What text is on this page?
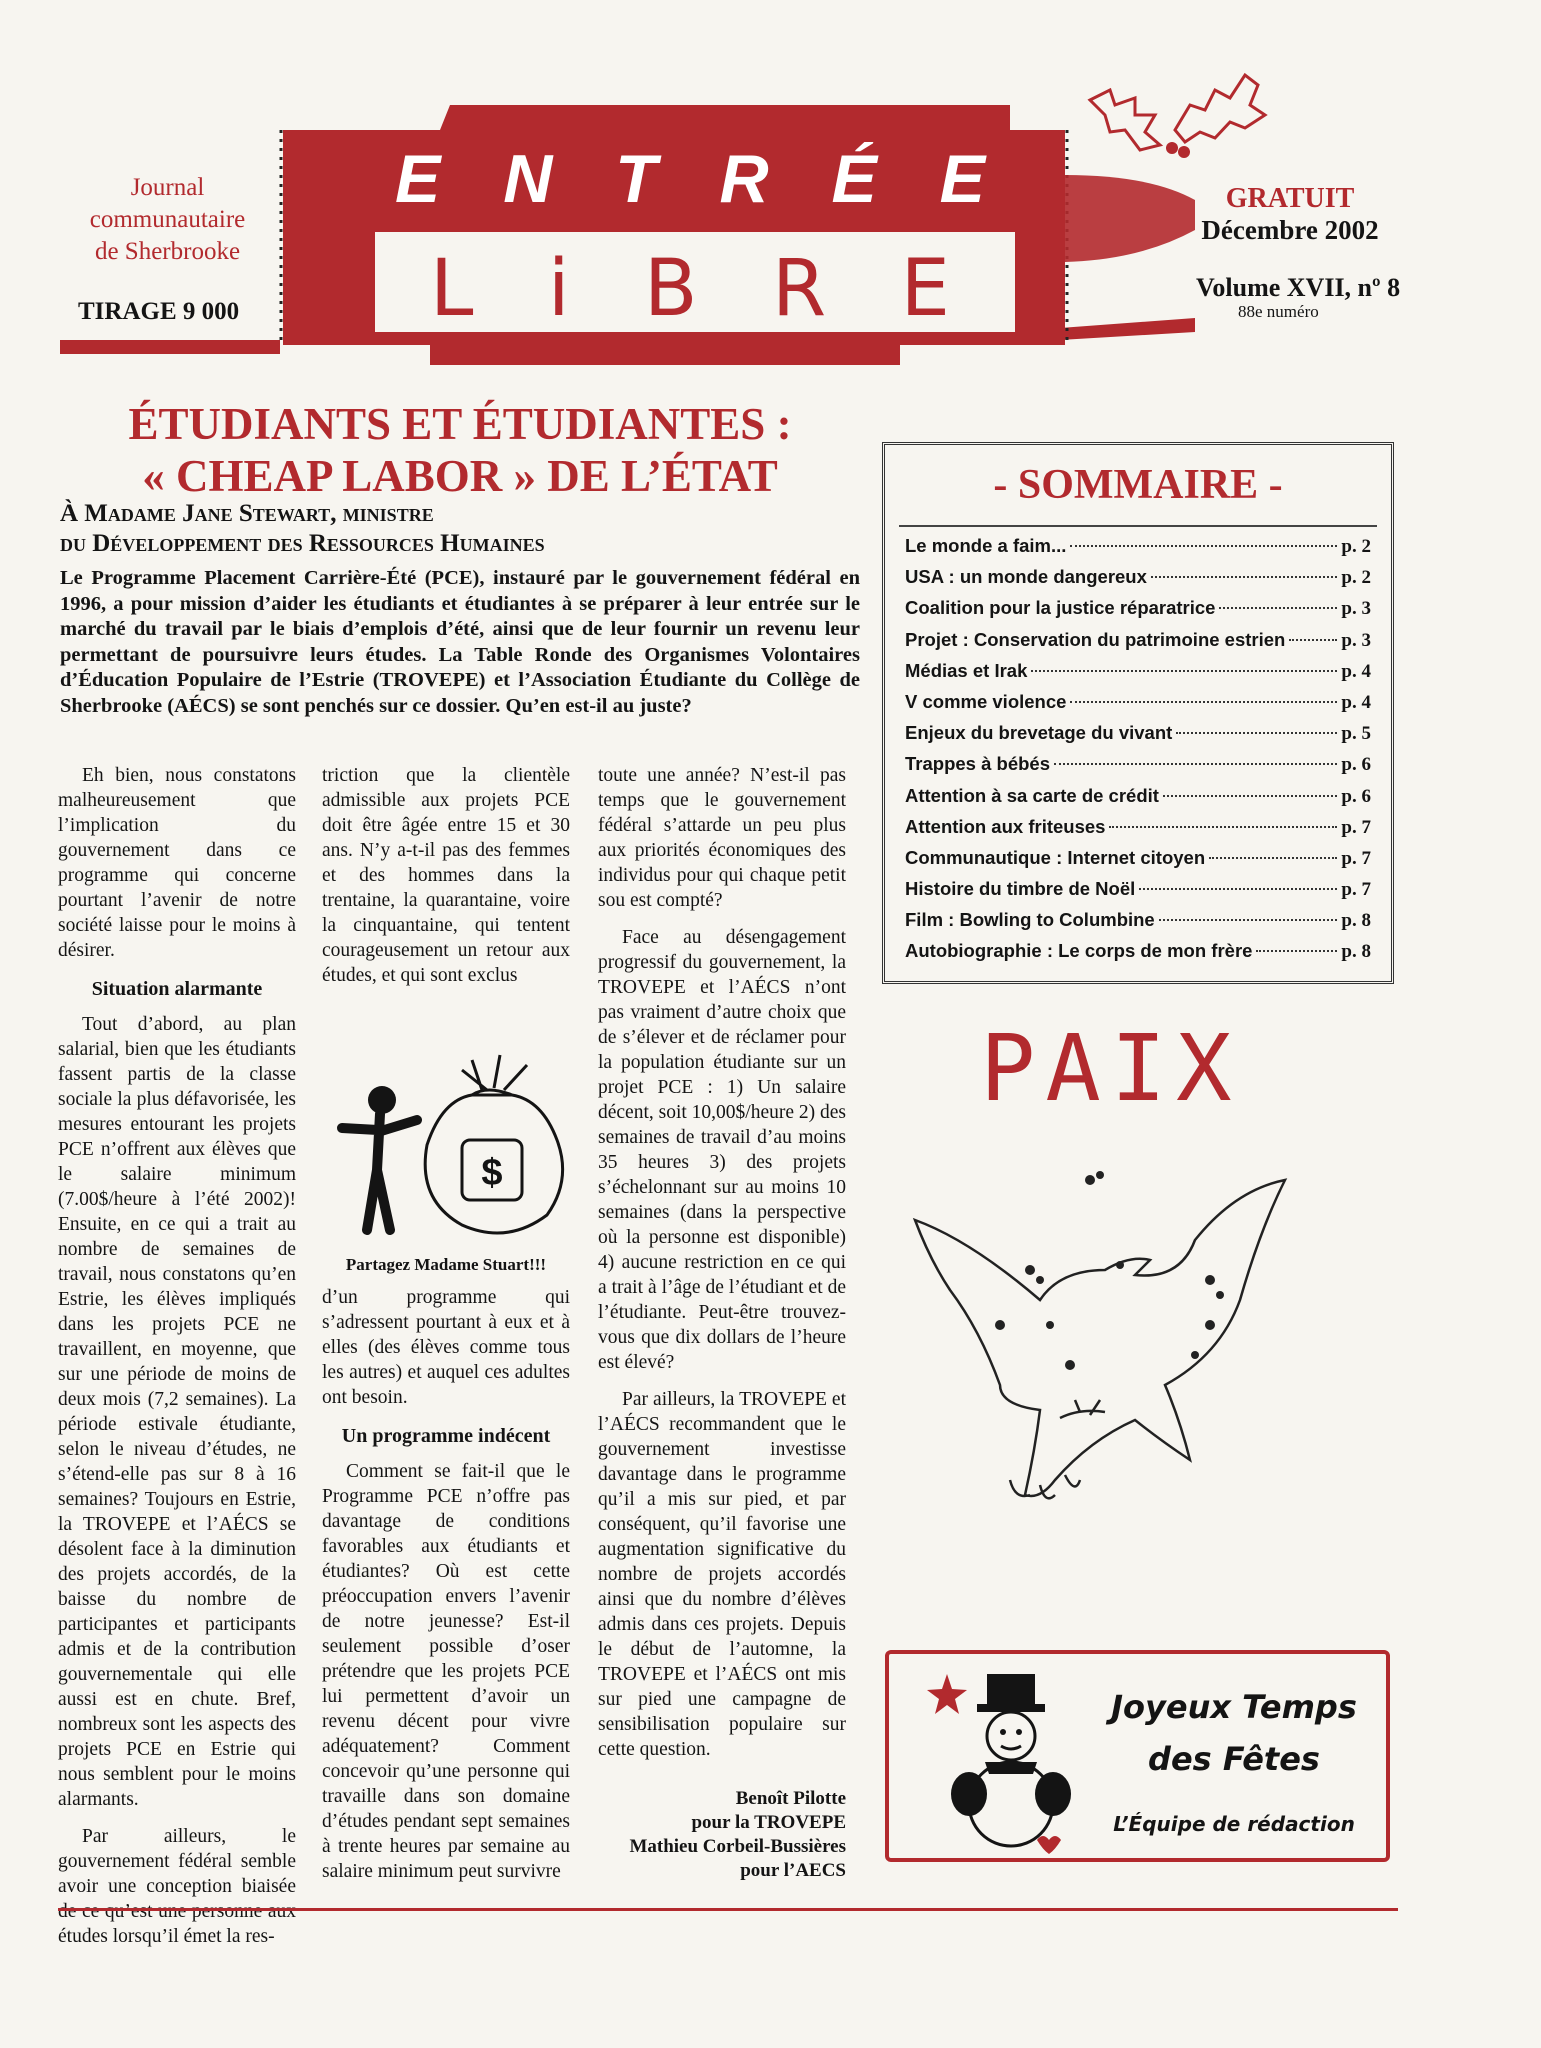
Journal
communautaire
de Sherbrooke
TIRAGE 9 000
E N T R É E
L i B R E
GRATUIT
Décembre 2002
Volume XVII, nº 8
88e numéro
ÉTUDIANTS ET ÉTUDIANTES :
« CHEAP LABOR » DE L’ÉTAT
À Madame Jane Stewart, ministre
du Développement des Ressources Humaines
Le Programme Placement Carrière-Été (PCE), instauré par le gouvernement fédéral en 1996, a pour mission d’aider les étudiants et étudiantes à se préparer à leur entrée sur le marché du travail par le biais d’emplois d’été, ainsi que de leur fournir un revenu leur permettant de poursuivre leurs études. La Table Ronde des Organismes Volontaires d’Éducation Populaire de l’Estrie (TROVEPE) et l’Association Étudiante du Collège de Sherbrooke (AÉCS) se sont penchés sur ce dossier. Qu’en est-il au juste?

Eh bien, nous constatons malheureusement que l’implication du gouvernement dans ce programme qui concerne pourtant l’avenir de notre société laisse pour le moins à désirer.

Situation alarmante

Tout d’abord, au plan salarial, bien que les étudiants fassent partis de la classe sociale la plus défavorisée, les mesures entourant les projets PCE n’offrent aux élèves que le salaire minimum (7.00$/heure à l’été 2002)! Ensuite, en ce qui a trait au nombre de semaines de travail, nous constatons qu’en Estrie, les élèves impliqués dans les projets PCE ne travaillent, en moyenne, que sur une période de moins de deux mois (7,2 semaines). La période estivale étudiante, selon le niveau d’études, ne s’étend-elle pas sur 8 à 16 semaines? Toujours en Estrie, la TROVEPE et l’AÉCS se désolent face à la diminution des projets accordés, de la baisse du nombre de participantes et participants admis et de la contribution gouvernementale qui elle aussi est en chute. Bref, nombreux sont les aspects des projets PCE en Estrie qui nous semblent pour le moins alarmants.

Par ailleurs, le gouvernement fédéral semble avoir une conception biaisée de ce qu’est une personne aux études lorsqu’il émet la res-

triction que la clientèle admissible aux projets PCE doit être âgée entre 15 et 30 ans. N’y a-t-il pas des femmes et des hommes dans la trentaine, la quarantaine, voire la cinquantaine, qui tentent courageusement un retour aux études, et qui sont exclus

$
Partagez Madame Stuart!!!

d’un programme qui s’adressent pourtant à eux et à elles (des élèves comme tous les autres) et auquel ces adultes ont besoin.

Un programme indécent

Comment se fait-il que le Programme PCE n’offre pas davantage de conditions favorables aux étudiants et étudiantes? Où est cette préoccupation envers l’avenir de notre jeunesse? Est-il seulement possible d’oser prétendre que les projets PCE lui permettent d’avoir un revenu décent pour vivre adéquatement? Comment concevoir qu’une personne qui travaille dans son domaine d’études pendant sept semaines à trente heures par semaine au salaire minimum peut survivre

toute une année? N’est-il pas temps que le gouvernement fédéral s’attarde un peu plus aux priorités économiques des individus pour qui chaque petit sou est compté?

Face au désengagement progressif du gouvernement, la TROVEPE et l’AÉCS n’ont pas vraiment d’autre choix que de s’élever et de réclamer pour la population étudiante sur un projet PCE : 1) Un salaire décent, soit 10,00$/heure 2) des semaines de travail d’au moins 35 heures 3) des projets s’échelonnant sur au moins 10 semaines (dans la perspective où la personne est disponible) 4) aucune restriction en ce qui a trait à l’âge de l’étudiant et de l’étudiante. Peut-être trouvez-vous que dix dollars de l’heure est élevé?

Par ailleurs, la TROVEPE et l’AÉCS recommandent que le gouvernement investisse davantage dans le programme qu’il a mis sur pied, et par conséquent, qu’il favorise une augmentation significative du nombre de projets accordés ainsi que du nombre d’élèves admis dans ces projets. Depuis le début de l’automne, la TROVEPE et l’AÉCS ont mis sur pied une campagne de sensibilisation populaire sur cette question.

Benoît Pilotte
pour la TROVEPE
Mathieu Corbeil-Bussières
pour l’AECS
- SOMMAIRE -
Le monde a faim...	p. 2
USA : un monde dangereux	p. 2
Coalition pour la justice réparatrice	p. 3
Projet : Conservation du patrimoine estrien	p. 3
Médias et Irak	p. 4
V comme violence	p. 4
Enjeux du brevetage du vivant	p. 5
Trappes à bébés	p. 6
Attention à sa carte de crédit	p. 6
Attention aux friteuses	p. 7
Communautique : Internet citoyen	p. 7
Histoire du timbre de Noël	p. 7
Film : Bowling to Columbine	p. 8
Autobiographie : Le corps de mon frère	p. 8
PAIX
Joyeux Temps
des Fêtes
L’Équipe de rédaction
